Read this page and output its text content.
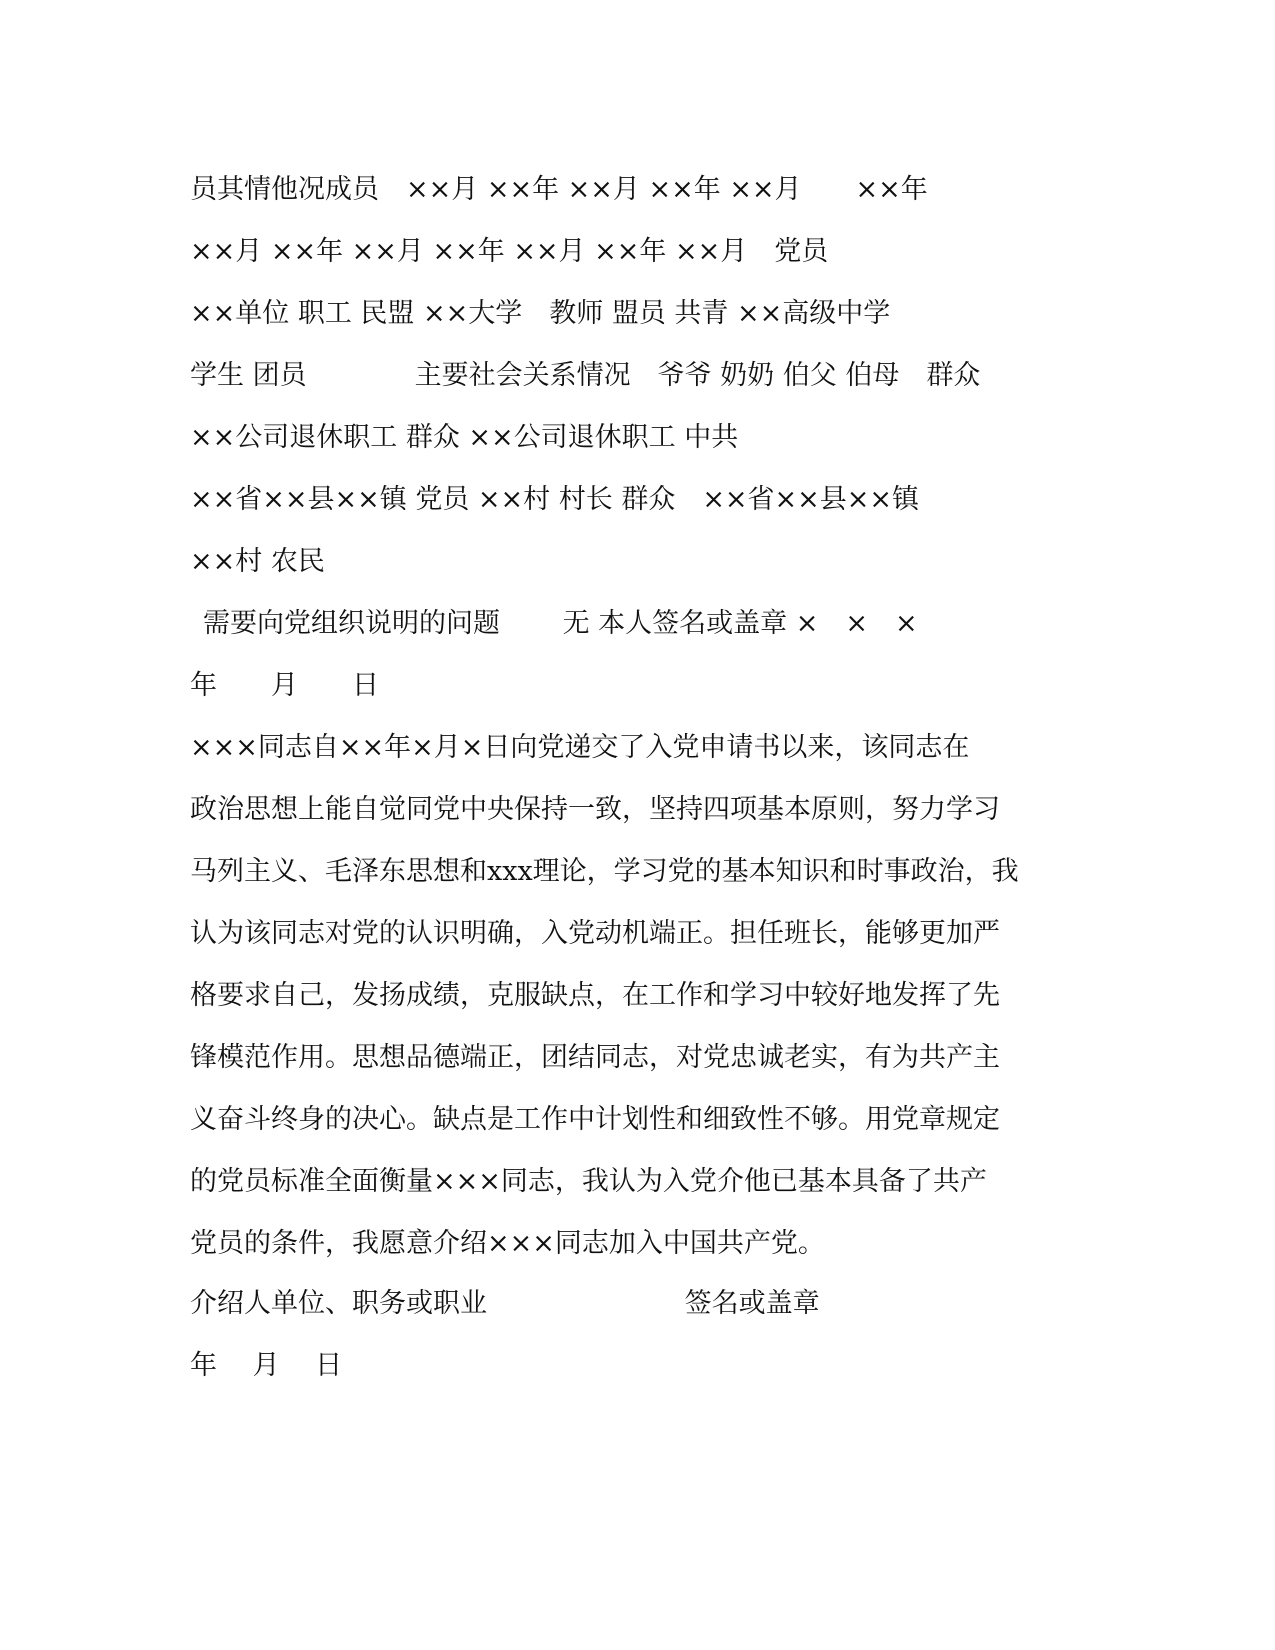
员其情他况成员　××月 ××年 ××月 ××年 ××月　　××年
××月 ××年 ××月 ××年 ××月 ××年 ××月　党员
××单位 职工 民盟 ××大学　教师 盟员 共青 ××高级中学
学生 团员　　　　主要社会关系情况　爷爷 奶奶 伯父 伯母　群众
××公司退休职工 群众 ××公司退休职工 中共
××省××县××镇 党员 ××村 村长 群众　××省××县××镇
××村 农民
需要向党组织说明的问题　　 无 本人签名或盖章 ×　×　×
年　　月　　日
×××同志自××年×月×日向党递交了入党申请书以来，该同志在
政治思想上能自觉同党中央保持一致，坚持四项基本原则，努力学习
马列主义、毛泽东思想和xxx理论，学习党的基本知识和时事政治，我
认为该同志对党的认识明确，入党动机端正。担任班长，能够更加严
格要求自己，发扬成绩，克服缺点，在工作和学习中较好地发挥了先
锋模范作用。思想品德端正，团结同志，对党忠诚老实，有为共产主
义奋斗终身的决心。缺点是工作中计划性和细致性不够。用党章规定
的党员标准全面衡量×××同志，我认为入党介他已基本具备了共产
党员的条件，我愿意介绍×××同志加入中国共产党。
介绍人单位、职务或职业　　　　　　　 签名或盖章
年　 月　 日
